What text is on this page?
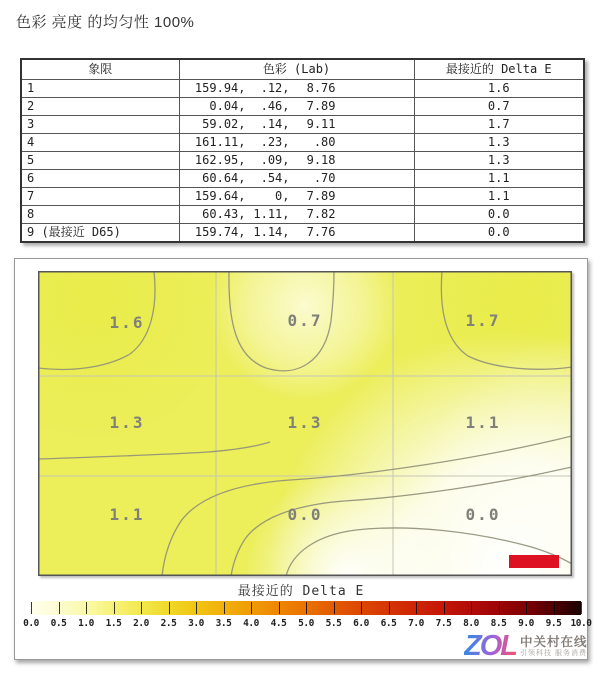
色彩 亮度 的均匀性 100%
象限	色彩 (Lab)	最接近的 Delta E
1	159.94, .12, 8.76	1.6
2	0.04, .46, 7.89	0.7
3	59.02, .14, 9.11	1.7
4	161.11, .23, .80	1.3
5	162.95, .09, 9.18	1.3
6	60.64, .54, .70	1.1
7	159.64, 0, 7.89	1.1
8	60.43, 1.11, 7.82	0.0
9 (最接近 D65)	159.74, 1.14, 7.76	0.0
1.6	0.7	1.7
1.3	1.3	1.1
1.1	0.0	0.0
最接近的 Delta E
0.0 0.5 1.0 1.5 2.0 2.5 3.0 3.5 4.0 4.5 5.0 5.5 6.0 6.5 7.0 7.5 8.0 8.5 9.0 9.5 10.0
ZOL 中关村在线
引领科技 服务消费
